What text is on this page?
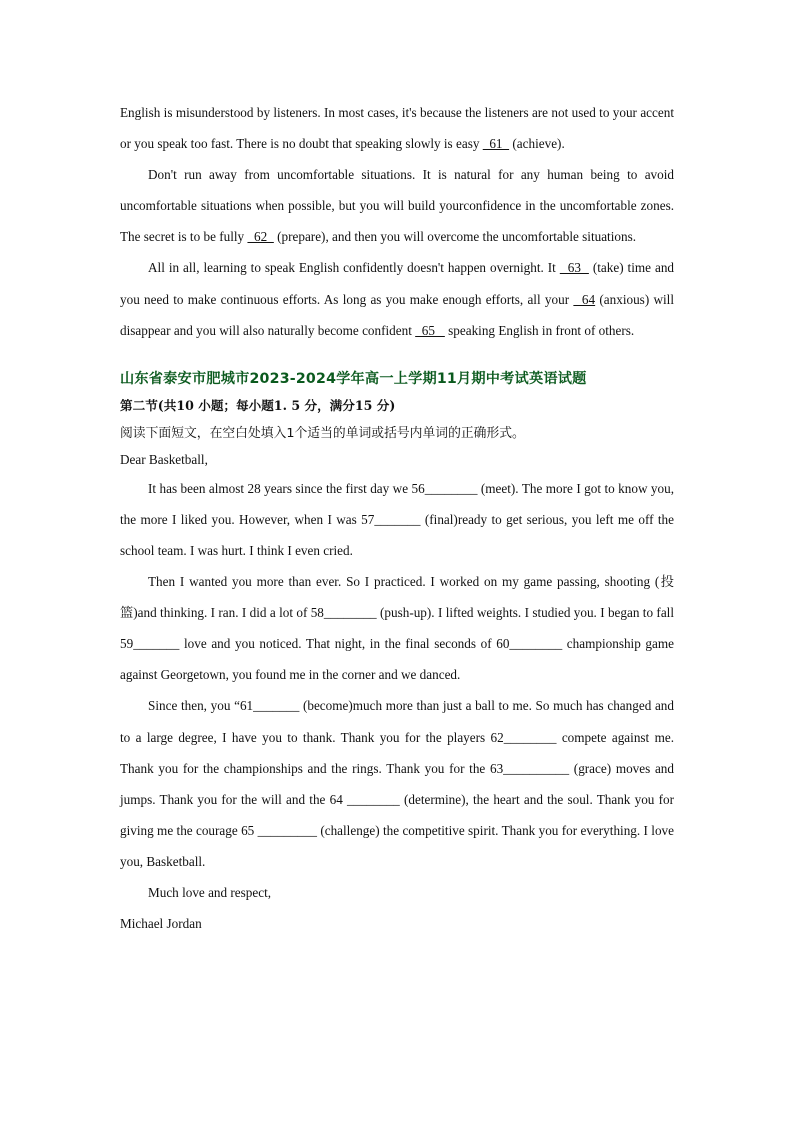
English is misunderstood by listeners. In most cases, it's because the listeners are not used to your accent or you speak too fast. There is no doubt that speaking slowly is easy   61   (achieve).

Don't run away from uncomfortable situations. It is natural for any human being to avoid uncomfortable situations when possible, but you will build yourconfidence in the uncomfortable zones. The secret is to be fully   62   (prepare), and then you will overcome the uncomfortable situations.

All in all, learning to speak English confidently doesn't happen overnight. It   63   (take) time and you need to make continuous efforts. As long as you make enough efforts, all your   64 (anxious) will disappear and you will also naturally become confident   65    speaking English in front of others.

山东省泰安市肥城市2023-2024学年高一上学期11月期中考试英语试题

第二节(共10 小题；每小题1. 5 分，满分15 分)

阅读下面短文，在空白处填入1个适当的单词或括号内单词的正确形式。

Dear Basketball,

It has been almost 28 years since the first day we 56________ (meet). The more I got to know you, the more I liked you. However, when I was 57_______ (final)ready to get serious, you left me off the school team. I was hurt. I think I even cried.

Then I wanted you more than ever. So I practiced. I worked on my game passing, shooting (投篮)and thinking. I ran. I did a lot of 58________ (push-up). I lifted weights. I studied you. I began to fall 59_______ love and you noticed. That night, in the final seconds of 60________ championship game against Georgetown, you found me in the corner and we danced.

Since then, you “61_______ (become)much more than just a ball to me. So much has changed and to a large degree, I have you to thank. Thank you for the players 62________ compete against me. Thank you for the championships and the rings. Thank you for the 63__________ (grace) moves and jumps. Thank you for the will and the 64 ________ (determine), the heart and the soul. Thank you for giving me the courage 65 _________ (challenge) the competitive spirit. Thank you for everything. I love you, Basketball.

Much love and respect,

Michael Jordan
